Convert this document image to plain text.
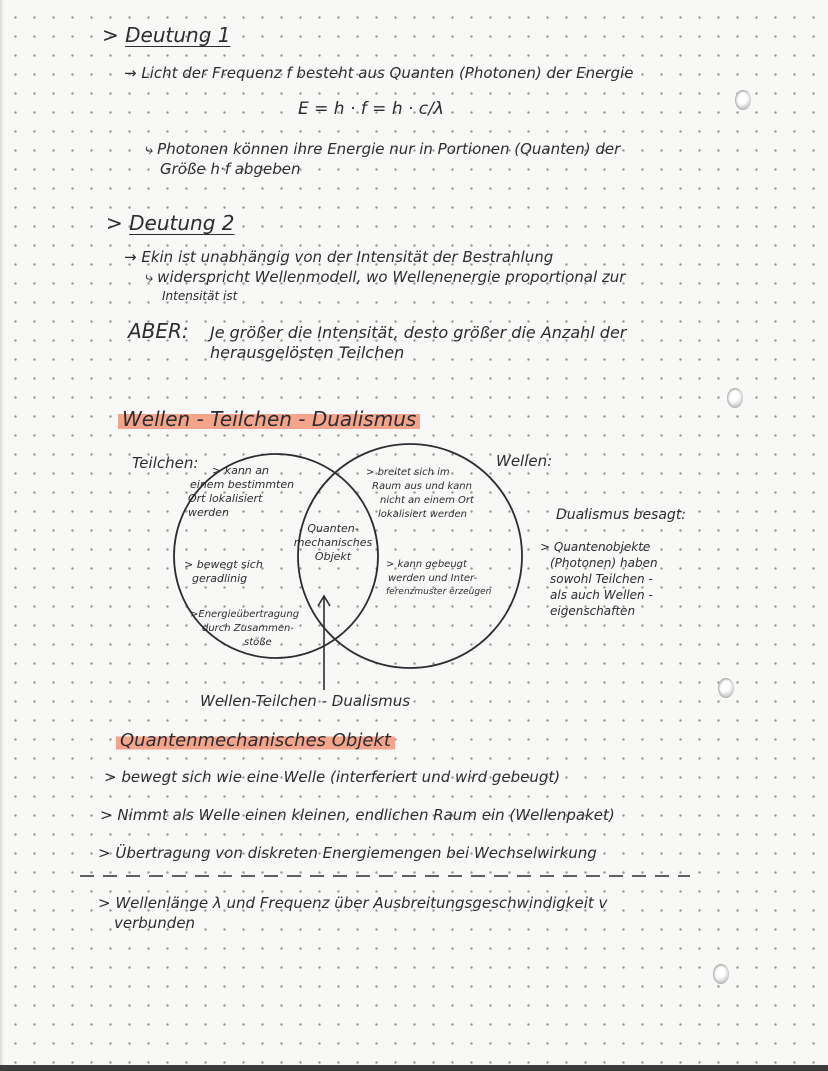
> Deutung 1
→ Licht der Frequenz f besteht aus Quanten (Photonen) der Energie
E = h · f = h · c/λ
⤷ Photonen können ihre Energie nur in Portionen (Quanten) der
Größe h·f abgeben
> Deutung 2
→ Ekin ist unabhängig von der Intensität der Bestrahlung
⤷ widerspricht Wellenmodell, wo Wellenenergie proportional zur
Intensität ist
ABER: Je größer die Intensität, desto größer die Anzahl der
herausgelösten Teilchen
Wellen - Teilchen - Dualismus
Teilchen:	Wellen:
> kann an
einem bestimmten
Ort lokalisiert
werden
> bewegt sich
geradlinig
>Energieübertragung
durch Zusammen-
stöße
Quanten-
mechanisches
Objekt
> breitet sich im
Raum aus und kann
nicht an einem Ort
lokalisiert werden
> kann gebeugt
werden und Inter-
ferenzmuster erzeugen
Wellen-Teilchen - Dualismus
Dualismus besagt:
> Quantenobjekte
(Photonen) haben
sowohl Teilchen -
als auch Wellen -
eigenschaften
Quantenmechanisches Objekt
> bewegt sich wie eine Welle (interferiert und wird gebeugt)
> Nimmt als Welle einen kleinen, endlichen Raum ein (Wellenpaket)
> Übertragung von diskreten Energiemengen bei Wechselwirkung
> Wellenlänge λ und Frequenz über Ausbreitungsgeschwindigkeit v
verbunden
